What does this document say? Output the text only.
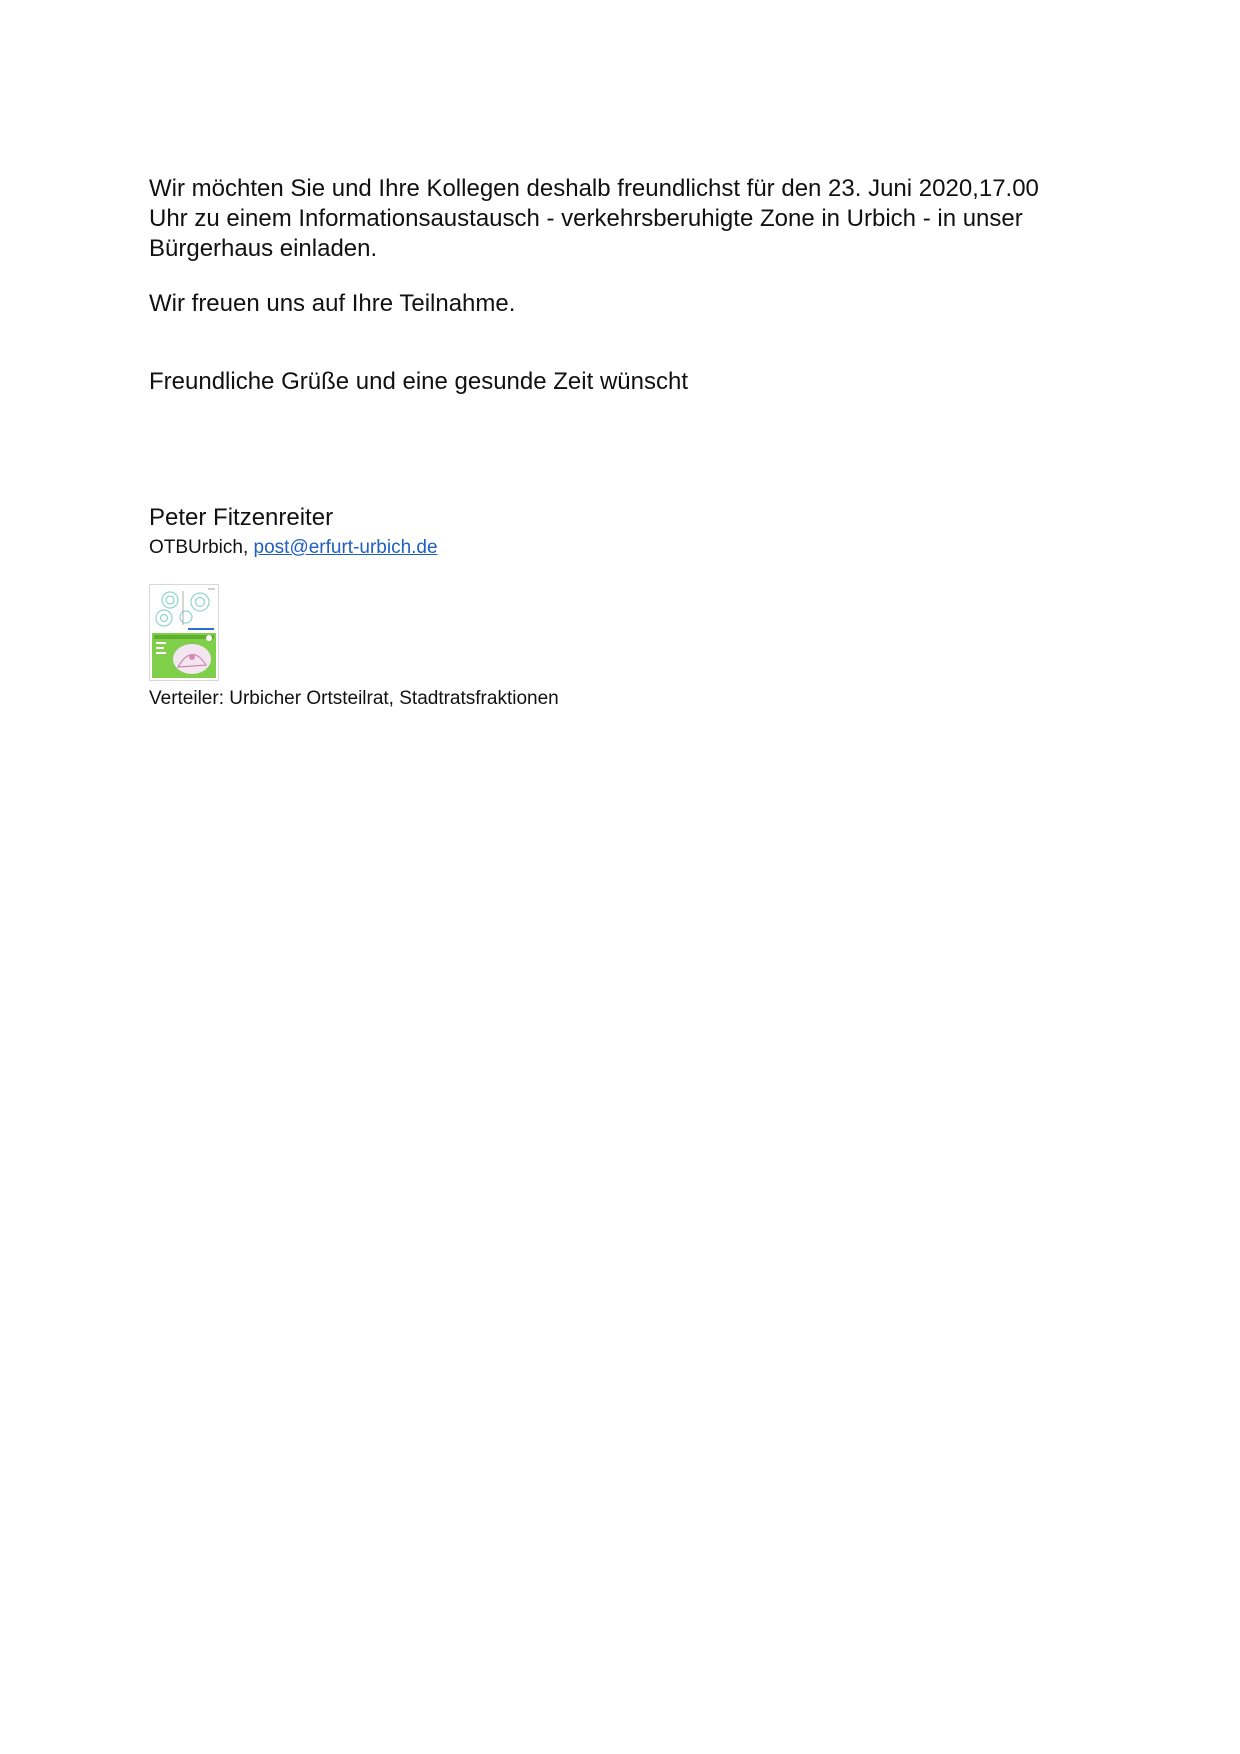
Wir möchten Sie und Ihre Kollegen deshalb freundlichst für den 23. Juni 2020,17.00 Uhr zu einem Informationsaustausch - verkehrsberuhigte Zone in Urbich - in unser Bürgerhaus einladen.

Wir freuen uns auf Ihre Teilnahme.

Freundliche Grüße und eine gesunde Zeit wünscht

Peter Fitzenreiter

OTBUrbich, post@erfurt-urbich.de

Verteiler: Urbicher Ortsteilrat, Stadtratsfraktionen
